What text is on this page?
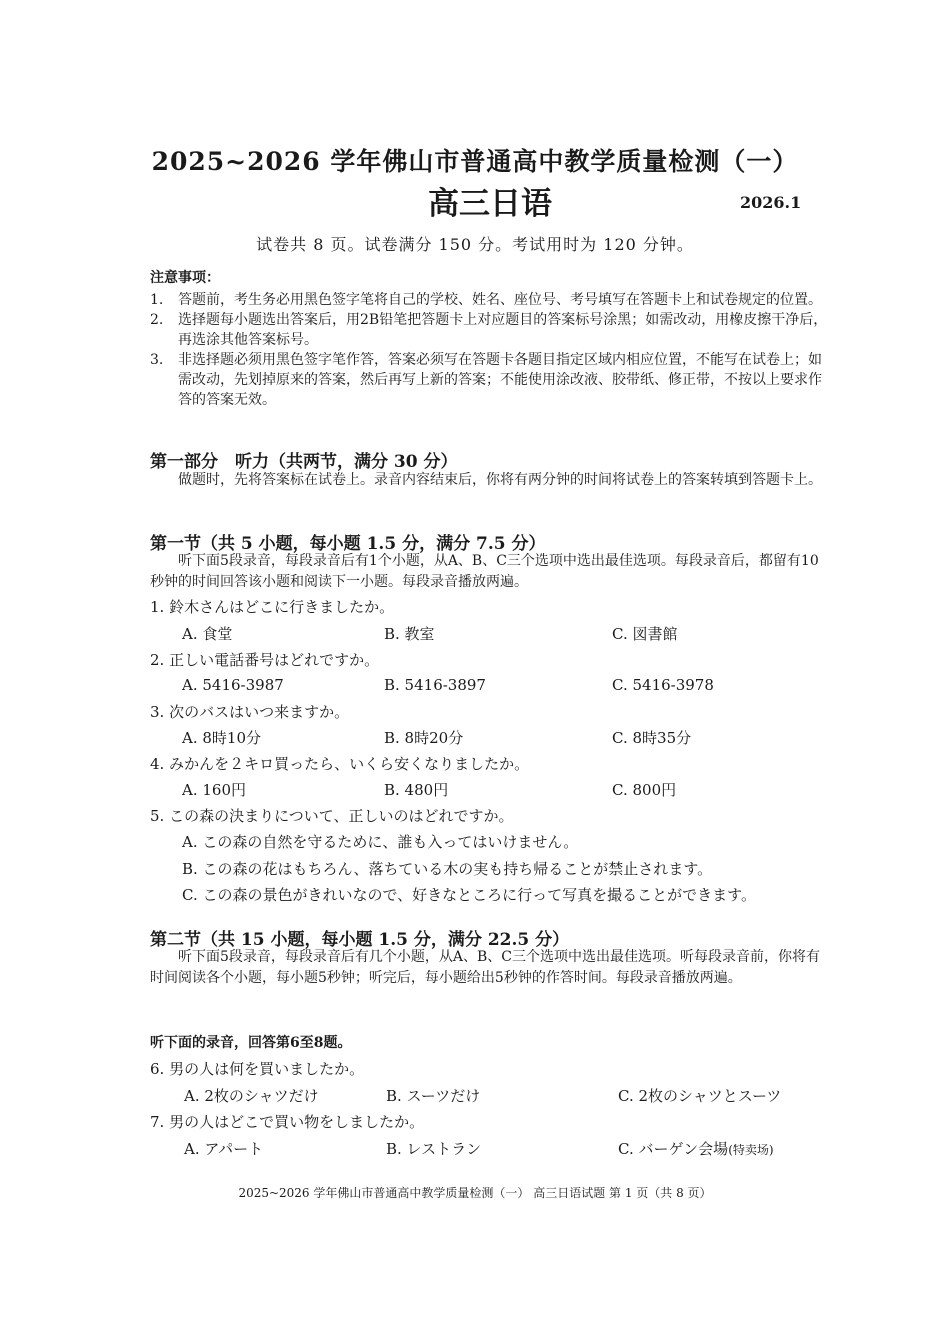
2025~2026 学年佛山市普通高中教学质量检测（一）
高三日语	2026.1
试卷共 8 页。试卷满分 150 分。考试用时为 120 分钟。
注意事项：
1.	答题前，考生务必用黑色签字笔将自己的学校、姓名、座位号、考号填写在答题卡上和试卷规定的位置。
2.	选择题每小题选出答案后，用2B铅笔把答题卡上对应题目的答案标号涂黑；如需改动，用橡皮擦干净后，再选涂其他答案标号。
3.	非选择题必须用黑色签字笔作答，答案必须写在答题卡各题目指定区域内相应位置，不能写在试卷上；如需改动，先划掉原来的答案，然后再写上新的答案；不能使用涂改液、胶带纸、修正带，不按以上要求作答的答案无效。
第一部分　听力（共两节，满分 30 分）
做题时，先将答案标在试卷上。录音内容结束后，你将有两分钟的时间将试卷上的答案转填到答题卡上。
第一节（共 5 小题，每小题 1.5 分，满分 7.5 分）
听下面5段录音，每段录音后有1个小题，从A、B、C三个选项中选出最佳选项。每段录音后，都留有10秒钟的时间回答该小题和阅读下一小题。每段录音播放两遍。
1. 鈴木さんはどこに行きましたか。
A. 食堂	B. 教室	C. 図書館
2. 正しい電話番号はどれですか。
A. 5416-3987	B. 5416-3897	C. 5416-3978
3. 次のバスはいつ来ますか。
A. 8時10分	B. 8時20分	C. 8時35分
4. みかんを２キロ買ったら、いくら安くなりましたか。
A. 160円	B. 480円	C. 800円
5. この森の決まりについて、正しいのはどれですか。
A. この森の自然を守るために、誰も入ってはいけません。
B. この森の花はもちろん、落ちている木の実も持ち帰ることが禁止されます。
C. この森の景色がきれいなので、好きなところに行って写真を撮ることができます。
第二节（共 15 小题，每小题 1.5 分，满分 22.5 分）
听下面5段录音，每段录音后有几个小题，从A、B、C三个选项中选出最佳选项。听每段录音前，你将有时间阅读各个小题，每小题5秒钟；听完后，每小题给出5秒钟的作答时间。每段录音播放两遍。
听下面的录音，回答第6至8题。
6. 男の人は何を買いましたか。
A. 2枚のシャツだけ	B. スーツだけ	C. 2枚のシャツとスーツ
7. 男の人はどこで買い物をしましたか。
A. アパート	B. レストラン	C. バーゲン会場(特卖场)
2025~2026 学年佛山市普通高中教学质量检测（一） 高三日语试题 第 1 页（共 8 页）
